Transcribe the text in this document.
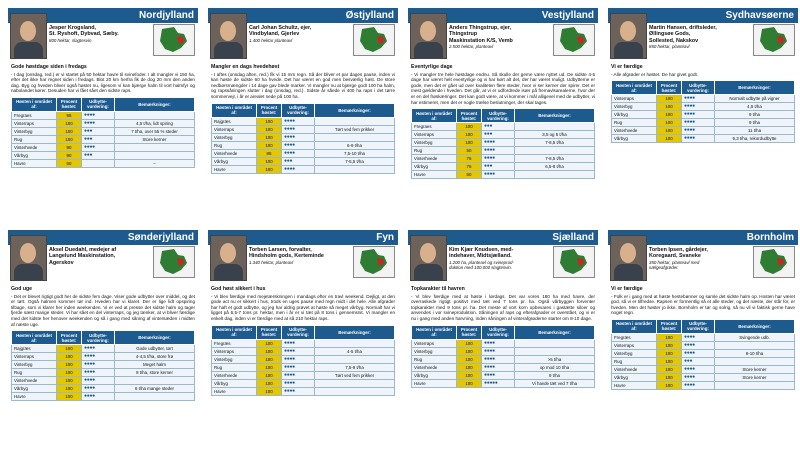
Nordjylland
Jesper Krogsland,
St. Ryshoft, Dybvad, Sæby.
800 hektar, slagtesvin
Gode høstdage siden i fredags
- I dag (onsdag, red.) er vi startet på 50 hektar havre til svinefoder. I alt mangler vi 150 ha, efter det ikke har regnet siden i fredags. Blot 20 km herfra fik de dog 20 mm den anden dag. Byg og hveden bliver også høstet nu, ligesom vi kan bjærge halm til vort halmfyr og nabolandet kører. Desuden har vi fået sået den sidste raps.
Høsten i området af:	Procent høstet:	Udbytte-vurdering:	Bemærkninger:
Fregraes	95	●●●●	
Vinterraps	100	●●●●	4,5 t/ha, lidt spiring
Vinterbyg	100	●●●	7 t/ha, over 55 % steder
Rug	100	●●●	Store kerner
Vinterhvede	90	●●●●	
Vårbyg	90	●●●	
Havre	50		–
Østjylland
Carl Johan Schultz, ejer,
Vindbyland, Gjerlev
1.400 hektar planteavl
Mangler en dags hvedehøst
- I aftes (onsdag aften, red.) fik vi 15 mm regn. Så der bliver et par dages pause, inden vi kan høste de sidste 60 ha hvede. Det har været en god men besværlig høst. De store nedbørsmængder i 14 dage gav blede marker. Vi mangler nu at bjærge godt 100 ha halm, og rapssåningen slutter i dag (onsdag, red.). Sidste år såede vi 400 ha raps i det tørre sommervejr, i år er arealet nede på 100 ha.
Høsten i området af:	Procent høstet:	Udbytte-vurdering:	Bemærkninger:
Rajgræs	100	●●●●	
Vinterraps	100	●●●●	Tørt ved fem prikker
Vinterbyg	100	●●●●	
Rug	100	●●●●	6-9 t/ha
Vinterhvede	85	●●●●	7,5-10 t/ha
Vårbyg	100	●●●	7-5,5 t/ha
Havre	100	●●●●	
Vestjylland
Anders Thingstrup, ejer,
Thingstrup
Maskinstation K/S, Vemb
2.500 hektar, planteavl
Eventyrlige dage
- Vi mangler tre hele høstdage endnu. Så skulle der gerne være nyttet ud. De sidste 4-5 dage har været helt eventyrlige og vi har kørt alt det, der har været muligt. Udbytterne er gode, men det er gået ud over kvaliteten flere steder, hvor vi ser kerner der spirer. Det er mest gældende i hveden. Det går, at vi er udfordrede især på fremavlsarealerne, hvor der er en del frøskæringer. Det kan godt være, at vi kommer i mål alligevel med de udbytter, vi har estimeret, men det er nogle trælse beslutninger, der skal tages.
Høsten i området af:	Procent høstet:	Udbytte-vurdering:	Bemærkninger:
Fregraes	100	●●●	
Vinterraps	100	●●●	3,5 og 5 t/ha
Vinterbyg	100	●●●●	7-8,5 t/ha
Rug	50	●●●●	
Vinterhvede	75	●●●●	7-8,5 t/ha
Vårbyg	75	●●●	6,5-8 t/ha
Havre	50	●●●●	
Sydhavsøerne
Martin Hansen, driftsleder,
Øllingsøe Gods,
Sollested, Nakskov
850 hektar, planteavl
Vi er færdige
- Alle afgrøder er høstet. De har givet godt.
Høsten i området af:	Procent høstet:	Udbytte-vurdering:	Bemærkninger:
Vinterraps	100	●●●●	Normalt udbytte på vigner
Vinterbyg	100	●●●●	4,5 t/ha
Vårbyg	100	●●●●	9 t/ha
Rug	100	●●●●	9 t/ha
Vinterhvede	100	●●●●	11 t/ha
Vårbyg	100	●●●●	9,3 t/ha, rekordudbytte
Sønderjylland
Aksel Duedahl, medejer af
Langelund Maskinstation,
Agerskov
God uge
- Det er blevet rigtigt godt her de sidste fem dage. Viser gode udbytter over middel, og det er tørt. Også halmen kommer tør ind. Hveden har vi klaret. Der er lige lidt opspiring tilbage, som vi klarer her inden weekenden. Vi er ved at presse det sidste halm og tager fjerde sæst mange steder. Vi har sået en del vinterraps, og jeg tænker, at vi bliver færdige med det sidste her henover weekenden og så i gang med såning af vintersæden i midten af næste uge.
Høsten i området af:	Procent høstet:	Udbytte-vurdering:	Bemærkninger:
Rajgræs	100	●●●●	Gode udbytter, tørt
Vinterraps	100	●●●●	4-4,5 t/ha, store frø
Vinterbyg	100	●●●●	Meget halm
Rug	100	●●●●	8 t/ha, store kerner
Vinterhvede	100	●●●●	
Vårbyg	100	●●●●	6 t/ha mange steder
Havre	100	●●●●	
Fyn
Torben Larsen, forvalter,
Hindsholm gods, Kerteminde
1.340 hektar, planteavl
God høst sikkert i hus
- Vi blev færdige med mejetærskningen i mandags efter en travl weekend. Dejligt, at den gode act nu er sikkert i hus, trods en uges pause med regn midt i det hele. Alle afgrøder har haft et godt udbytte, og jeg har aldrig prøvet at høste så meget vårbyg. Normalt har vi ligget på 6,5-7 tons pr. hektar, men i år er vi tæt på 8 tons i gennemsnit. Vi mangler en enkelt dag, inden vi er færdige med at så 210 hektar raps.
Høsten i området af:	Procent høstet:	Udbytte-vurdering:	Bemærkninger:
Fregræs	100	●●●●	
Vinterraps	100	●●●●	4-5 t/ha
Vinterbyg	100	●●●●	
Rug	100	●●●●	7,5-9 t/ha
Vinterhvede	100	●●●●	Tørt ved fem prikker
Vårbyg	100	●●●●	
Havre	100	●●●●	
Sjælland
Kim Kjær Knudsen, med-
indehaver, Midtsjælland.
1.200 ha, planteavl og svineprod-
duktion med 100.000 slagtesvin.
Topkarakter til havren
- Vi blev færdige med at høste i lørdags. Det var vores 180 ha med havre, der overraskede rigtigt positivt med tæt ved 7 tons pr. ha. Også vårbyggen forventer topkarakter med 9 tons pr. ha. Det meste af vort korn opbevares i gastætte siloer og anvendes i vor svineproduktion. Såningen af raps og efterafgrøder er overstået, og vi er nu i gang med anden harvning, inden såningen af vinterafgrøderne starter om 8-10 dage.
Høsten i området af:	Procent høstet:	Udbytte-vurdering:	Bemærkninger:
Vinterraps	100	●●●●	
Vinterbyg	100	●●●●	
Rug	100	●●●●	>5 t/ha
Vinterhvede	100	●●●●	op mod 10 t/ha
Vårbyg	100	●●●●	9 t/ha
Havre	100	●●●●●	Vi havde tæt ved 7 t/ha
Bornholm
Torben Ipsen, gårdejer,
Koregaard, Svaneke
350 hektar, planteavl med
sælgeafgrøder.
Vi er færdige
- Folk er i gang med at høste hestebønner og samle det sidste halm op. Hosten har været god, så vi er tilfredse. Rapsen er formentlig så et alle steder, og det næste, der står for, er hveden. Men det høster jo ikke. Bornholm er tør og solrig, så nu vil vi faktisk gerne have noget regn.
Høsten i området af:	Procent høstet:	Udbytte-vurdering:	Bemærkninger:
Fregræs	100	●●●●	Svingende udb.
Vinterraps	100	●●●●	
Vinterbyg	100	●●●●	8-10 t/ha
Rug	100	●●●	
Vinterhvede	100	●●●●	Store kerner
Vårbyg	100	●●●●	Store kerner
Havre	100	●●●●	
